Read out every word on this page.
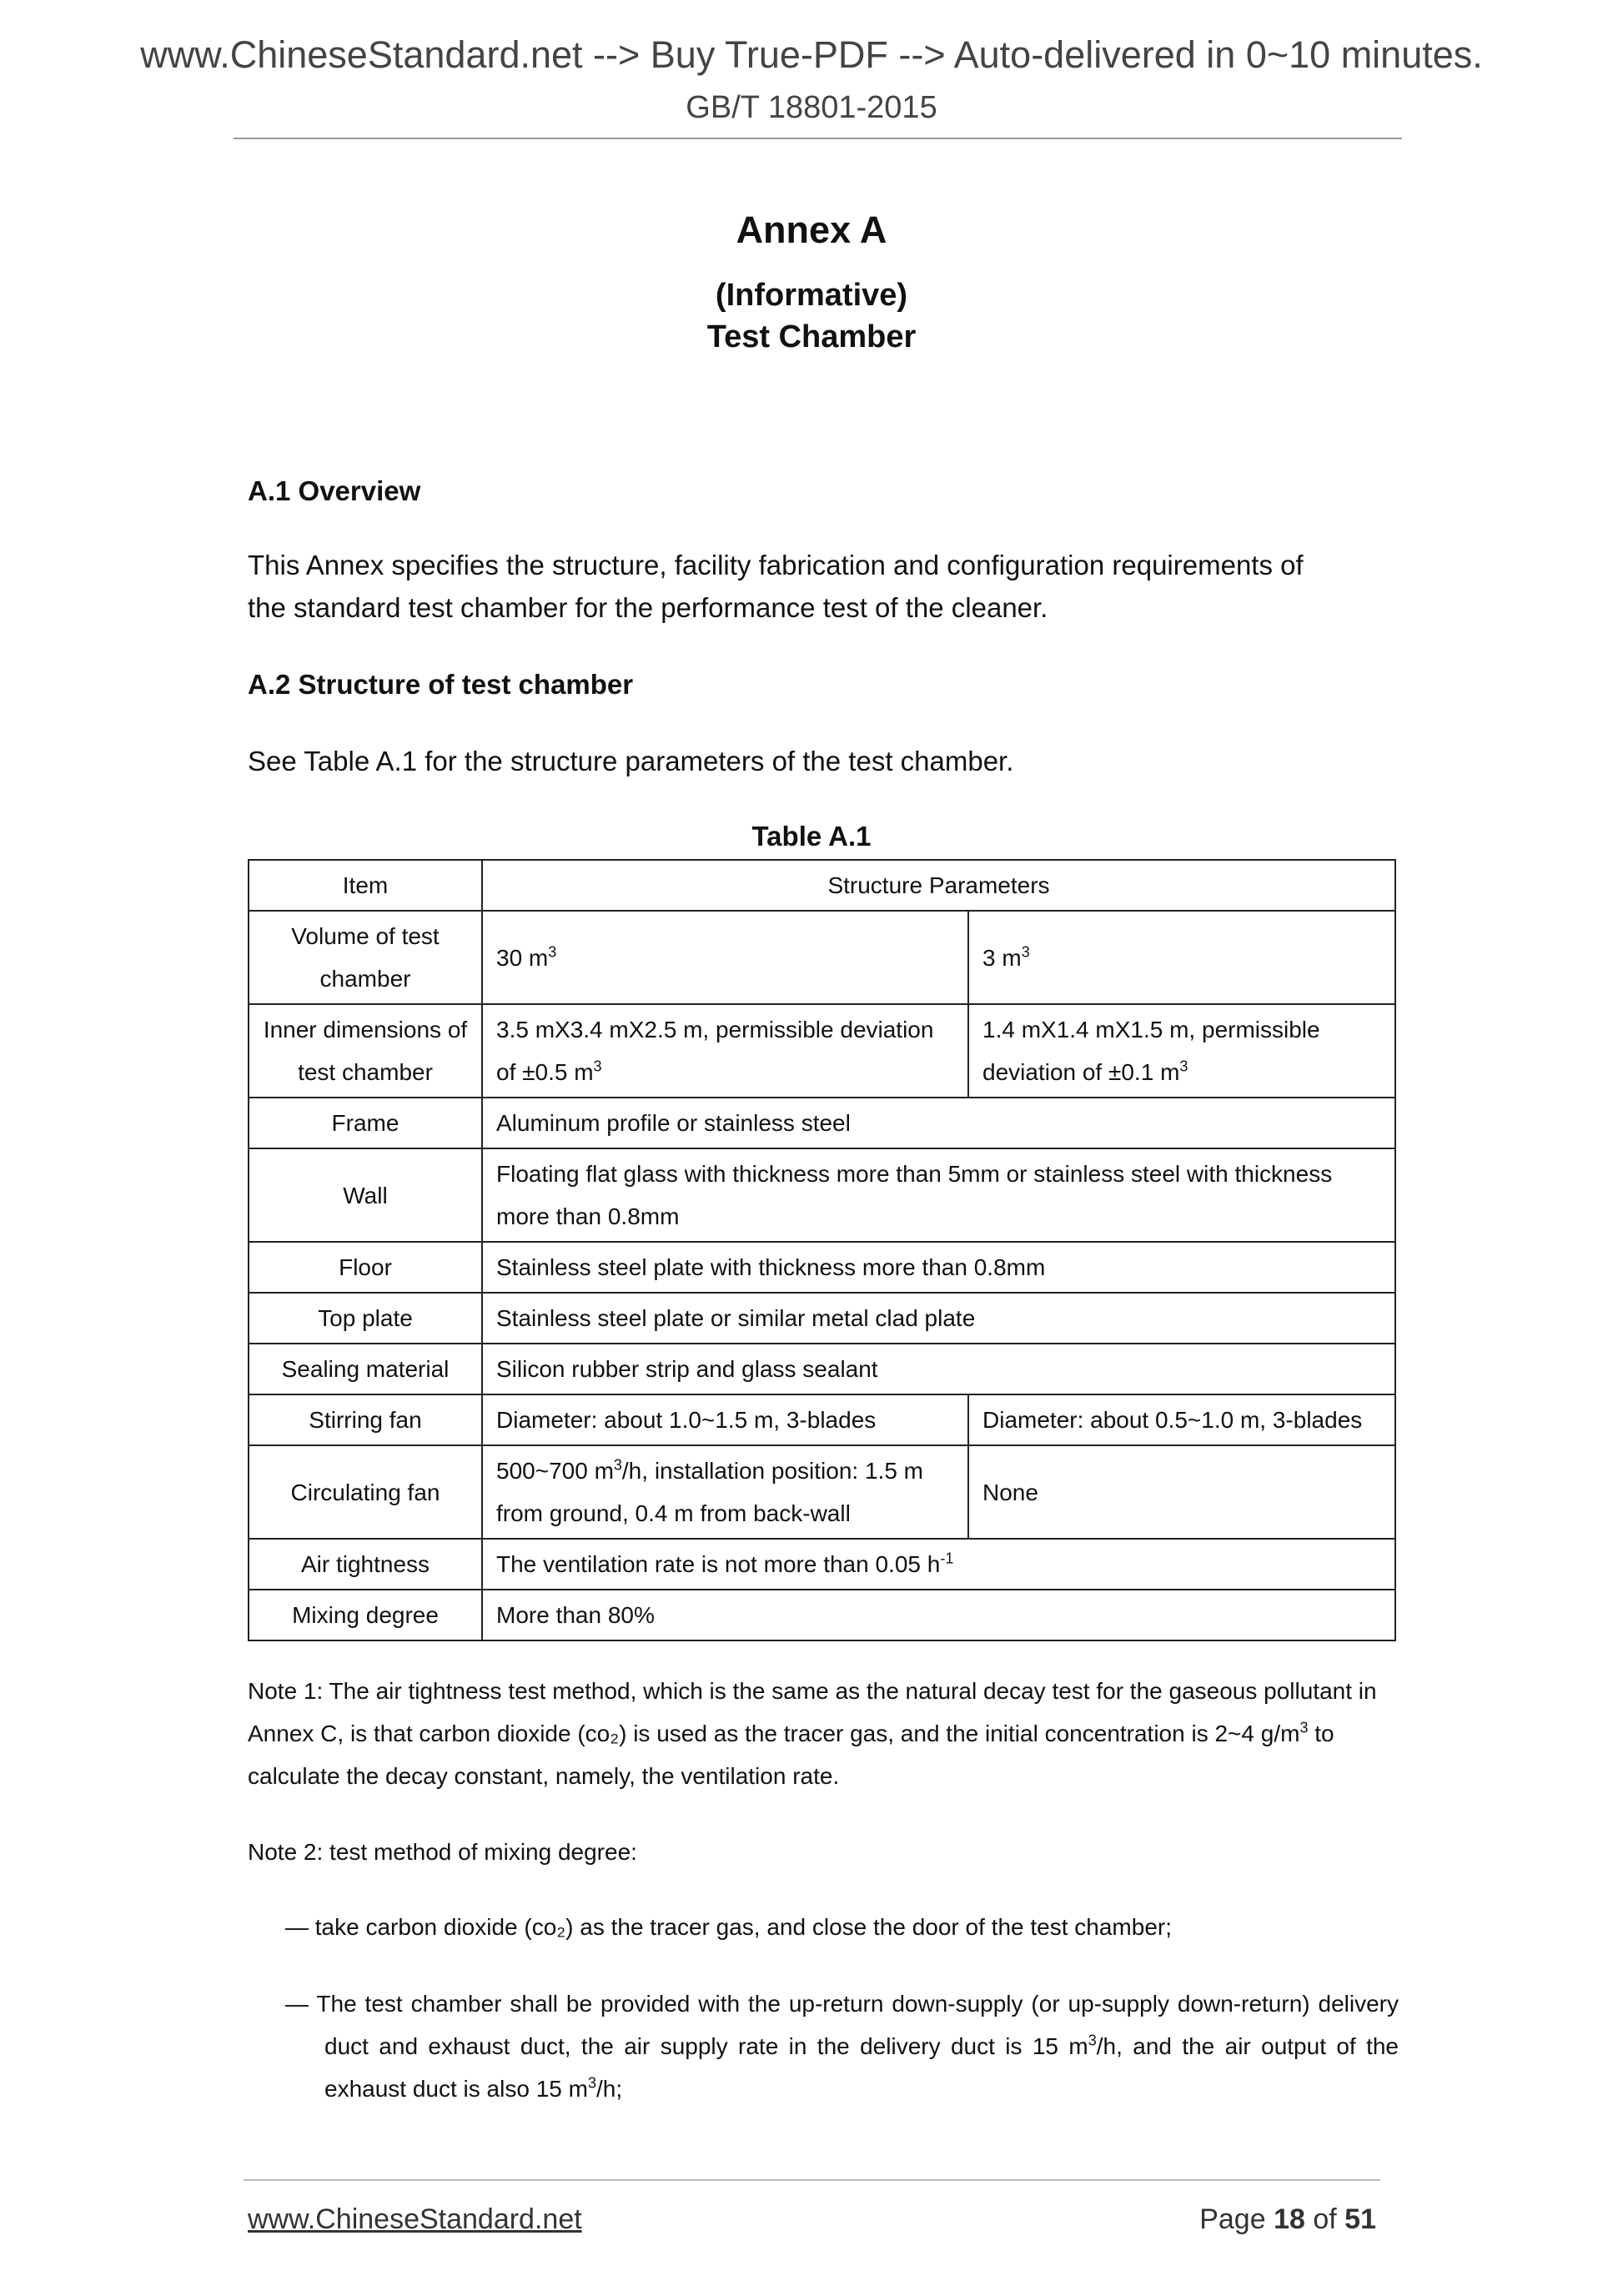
www.ChineseStandard.net --> Buy True-PDF --> Auto-delivered in 0~10 minutes.
GB/T 18801-2015
Annex A
(Informative)
Test Chamber
A.1 Overview
This Annex specifies the structure, facility fabrication and configuration requirements of
the standard test chamber for the performance test of the cleaner.
A.2 Structure of test chamber
See Table A.1 for the structure parameters of the test chamber.
Table A.1
Item	Structure Parameters	
Volume of test chamber	30 $m^3$	3 $m^3$
Inner dimensions of test chamber	3.5 mX3.4 mX2.5 m, permissible deviation of ±0.5 $m^3$	1.4 mX1.4 mX1.5 m, permissible deviation of ±0.1 $m^3$
Frame	Aluminum profile or stainless steel	
Wall	Floating flat glass with thickness more than 5mm or stainless steel with thickness more than 0.8mm	
Floor	Stainless steel plate with thickness more than 0.8mm	
Top plate	Stainless steel plate or similar metal clad plate	
Sealing material	Silicon rubber strip and glass sealant	
Stirring fan	Diameter: about 1.0~1.5 m, 3-blades	Diameter: about 0.5~1.0 m, 3-blades
Circulating fan	500~700 $m^3/h$, installation position: 1.5 m from ground, 0.4 m from back-wall	None
Air tightness	The ventilation rate is not more than 0.05 $h^{-1}$
Mixing degree	More than 80%	
Note 1: The air tightness test method, which is the same as the natural decay test for the gaseous pollutant in Annex C, is that carbon dioxide (co₂) is used as the tracer gas, and the initial concentration is 2~4 $g/m^3$ to calculate the decay constant, namely, the ventilation rate.
Note 2: test method of mixing degree:
— take carbon dioxide (co₂) as the tracer gas, and close the door of the test chamber;
— The test chamber shall be provided with the up-return down-supply (or up-supply down-return) delivery duct and exhaust duct, the air supply rate in the delivery duct is 15 $m^3/h$, and the air output of the exhaust duct is also 15 $m^3/h$;
www.ChineseStandard.net	Page 18 of 51
